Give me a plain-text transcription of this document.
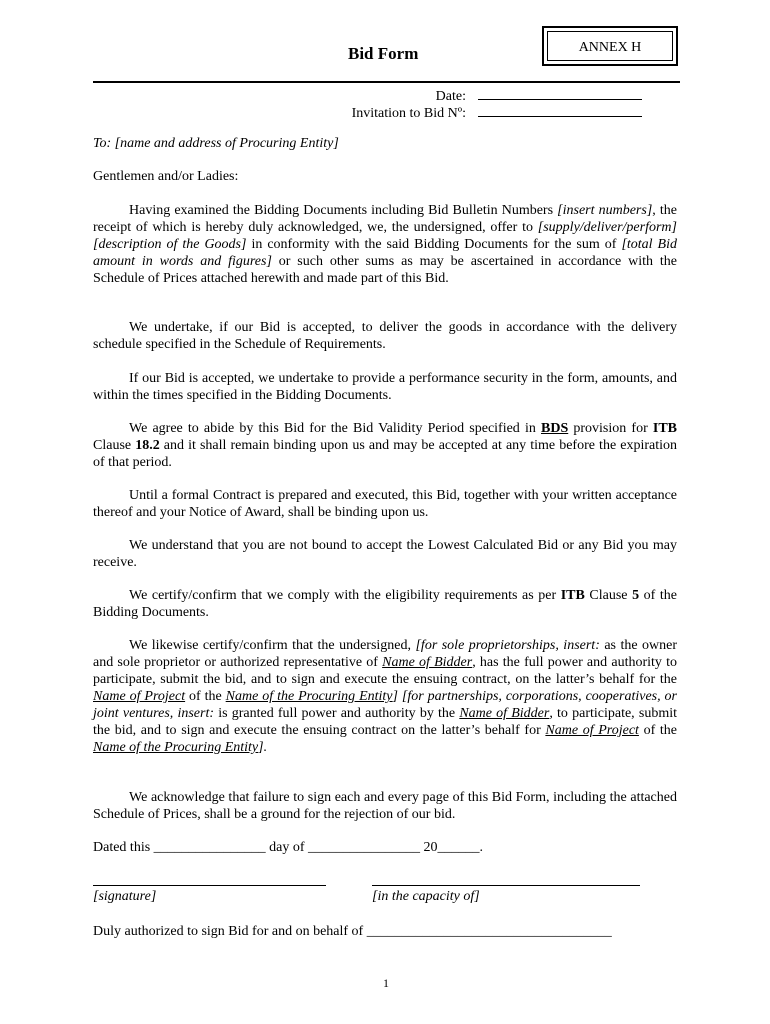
ANNEX H
Bid Form
Date:
Invitation to Bid Nº:

To: [name and address of Procuring Entity]

Gentlemen and/or Ladies:

Having examined the Bidding Documents including Bid Bulletin Numbers [insert numbers], the receipt of which is hereby duly acknowledged, we, the undersigned, offer to [supply/deliver/perform] [description of the Goods] in conformity with the said Bidding Documents for the sum of [total Bid amount in words and figures] or such other sums as may be ascertained in accordance with the Schedule of Prices attached herewith and made part of this Bid.

We undertake, if our Bid is accepted, to deliver the goods in accordance with the delivery schedule specified in the Schedule of Requirements.

If our Bid is accepted, we undertake to provide a performance security in the form, amounts, and within the times specified in the Bidding Documents.

We agree to abide by this Bid for the Bid Validity Period specified in BDS provision for ITB Clause 18.2 and it shall remain binding upon us and may be accepted at any time before the expiration of that period.

Until a formal Contract is prepared and executed, this Bid, together with your written acceptance thereof and your Notice of Award, shall be binding upon us.

We understand that you are not bound to accept the Lowest Calculated Bid or any Bid you may receive.

We certify/confirm that we comply with the eligibility requirements as per ITB Clause 5 of the Bidding Documents.

We likewise certify/confirm that the undersigned, [for sole proprietorships, insert: as the owner and sole proprietor or authorized representative of Name of Bidder, has the full power and authority to participate, submit the bid, and to sign and execute the ensuing contract, on the latter’s behalf for the Name of Project of the Name of the Procuring Entity] [for partnerships, corporations, cooperatives, or joint ventures, insert: is granted full power and authority by the Name of Bidder, to participate, submit the bid, and to sign and execute the ensuing contract on the latter’s behalf for Name of Project of the Name of the Procuring Entity].

We acknowledge that failure to sign each and every page of this Bid Form, including the attached Schedule of Prices, shall be a ground for the rejection of our bid.

Dated this ________________ day of ________________ 20______.

[signature]	[in the capacity of]

Duly authorized to sign Bid for and on behalf of ___________________________________

1
